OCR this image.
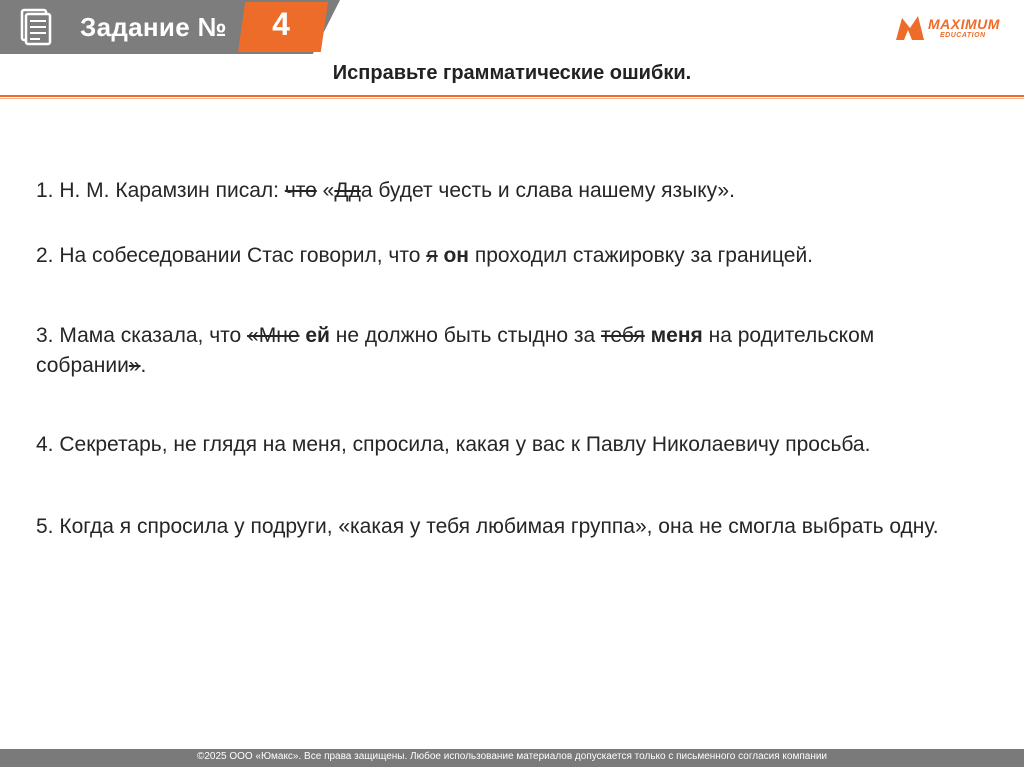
Задание №	4	MAXIMUM
EDUCATION
Исправьте грамматические ошибки.

1. Н. М. Карамзин писал: что «Дда будет честь и слава нашему языку».

2. На собеседовании Стас говорил, что я он проходил стажировку за границей.

3. Мама сказала, что «Мне ей не должно быть стыдно за тебя меня на родительском собрании».

4. Секретарь, не глядя на меня, спросила, какая у вас к Павлу Николаевичу просьба.

5. Когда я спросила у подруги, «какая у тебя любимая группа», она не смогла выбрать одну.

©2025 ООО «Юмакс». Все права защищены. Любое использование материалов допускается только с письменного согласия компании
